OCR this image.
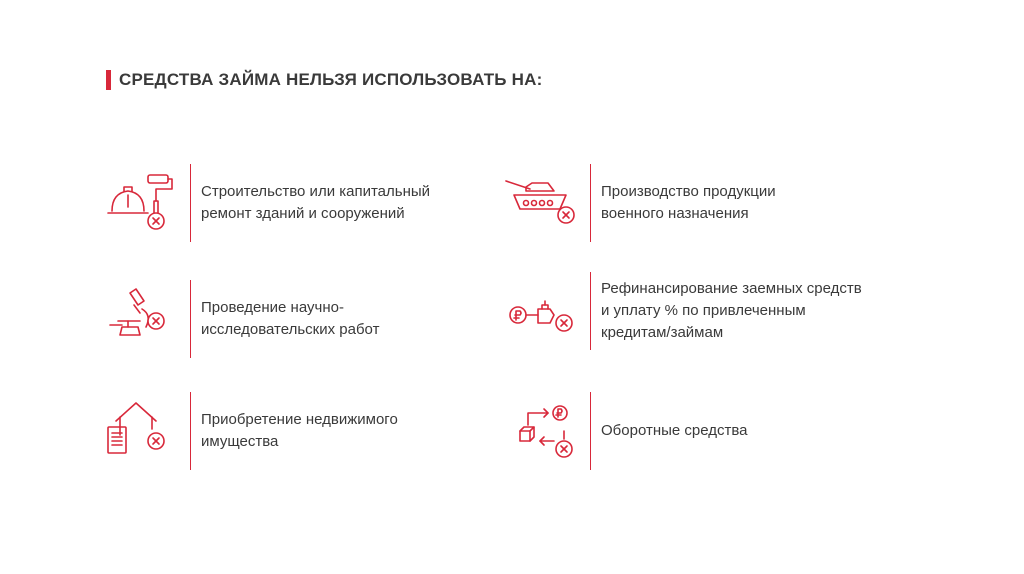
СРЕДСТВА ЗАЙМА НЕЛЬЗЯ ИСПОЛЬЗОВАТЬ НА:
Строительство или капитальный
ремонт зданий и сооружений
Производство продукции
военного назначения
Проведение научно-
исследовательских работ
Рефинансирование заемных средств
и уплату % по привлеченным
кредитам/займам
Приобретение недвижимого
имущества
Оборотные средства
